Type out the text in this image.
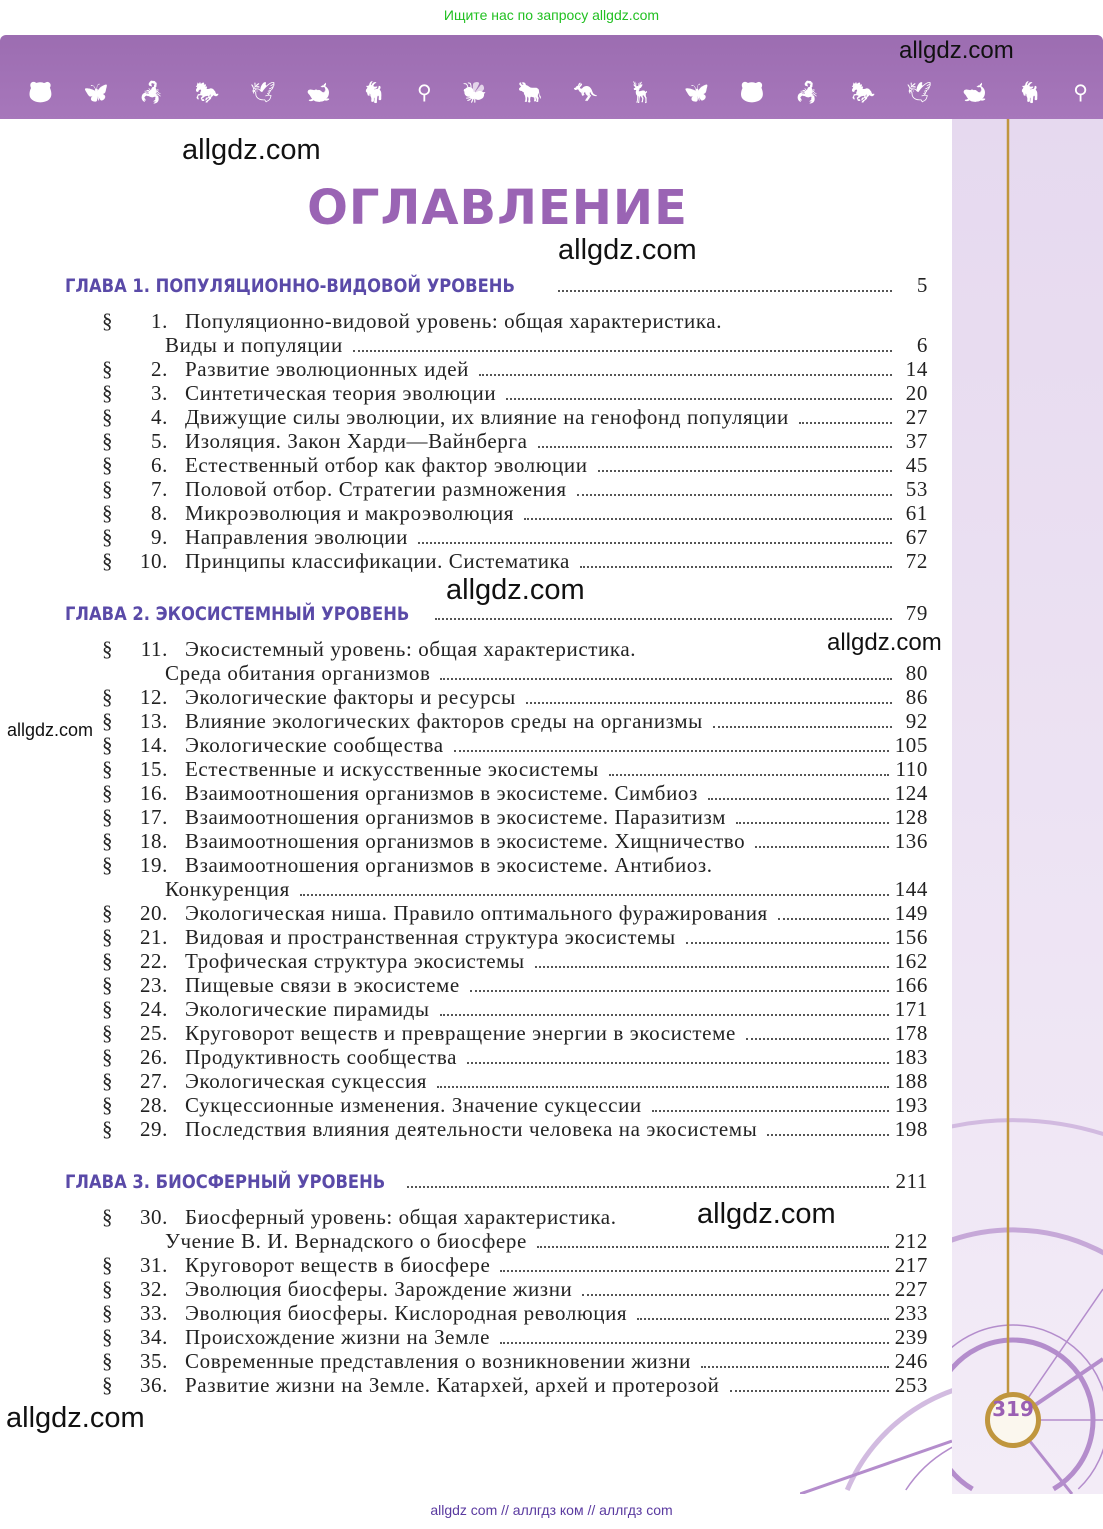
Ищите нас по запросу allgdz.com
🐻 🦋 🦂 🐎 🕊 🐋 🐐 ⚲ 🐝 🐂 🦘 🦌 🦋 🐻 🦂 🐎 🕊 🐋 🐐 ⚲
319
ОГЛАВЛЕНИЕ
allgdz.com
allgdz.com
allgdz.com
allgdz.com
allgdz.com
allgdz.com
allgdz.com
allgdz.com
ГЛАВА 1. ПОПУЛЯЦИОННО-ВИДОВОЙ УРОВЕНЬ	5
§	1. Популяционно-видовой уровень: общая характеристика.
Виды и популяции	6
§	2. Развитие эволюционных идей	14
§	3. Синтетическая теория эволюции	20
§	4. Движущие силы эволюции, их влияние на генофонд популяции	27
§	5. Изоляция. Закон Харди—Вайнберга	37
§	6. Естественный отбор как фактор эволюции	45
§	7. Половой отбор. Стратегии размножения	53
§	8. Микроэволюция и макроэволюция	61
§	9. Направления эволюции	67
§	10. Принципы классификации. Систематика	72
ГЛАВА 2. ЭКОСИСТЕМНЫЙ УРОВЕНЬ	79
§	11. Экосистемный уровень: общая характеристика.
Среда обитания организмов	80
§	12. Экологические факторы и ресурсы	86
§	13. Влияние экологических факторов среды на организмы	92
§	14. Экологические сообщества	105
§	15. Естественные и искусственные экосистемы	110
§	16. Взаимоотношения организмов в экосистеме. Симбиоз	124
§	17. Взаимоотношения организмов в экосистеме. Паразитизм	128
§	18. Взаимоотношения организмов в экосистеме. Хищничество	136
§	19. Взаимоотношения организмов в экосистеме. Антибиоз.
Конкуренция	144
§	20. Экологическая ниша. Правило оптимального фуражирования	149
§	21. Видовая и пространственная структура экосистемы	156
§	22. Трофическая структура экосистемы	162
§	23. Пищевые связи в экосистеме	166
§	24. Экологические пирамиды	171
§	25. Круговорот веществ и превращение энергии в экосистеме	178
§	26. Продуктивность сообщества	183
§	27. Экологическая сукцессия	188
§	28. Сукцессионные изменения. Значение сукцессии	193
§	29. Последствия влияния деятельности человека на экосистемы	198
ГЛАВА 3. БИОСФЕРНЫЙ УРОВЕНЬ	211
§	30. Биосферный уровень: общая характеристика.
Учение В. И. Вернадского о биосфере	212
§	31. Круговорот веществ в биосфере	217
§	32. Эволюция биосферы. Зарождение жизни	227
§	33. Эволюция биосферы. Кислородная революция	233
§	34. Происхождение жизни на Земле	239
§	35. Современные представления о возникновении жизни	246
§	36. Развитие жизни на Земле. Катархей, архей и протерозой	253
allgdz com // аллгдз ком // аллгдз com
